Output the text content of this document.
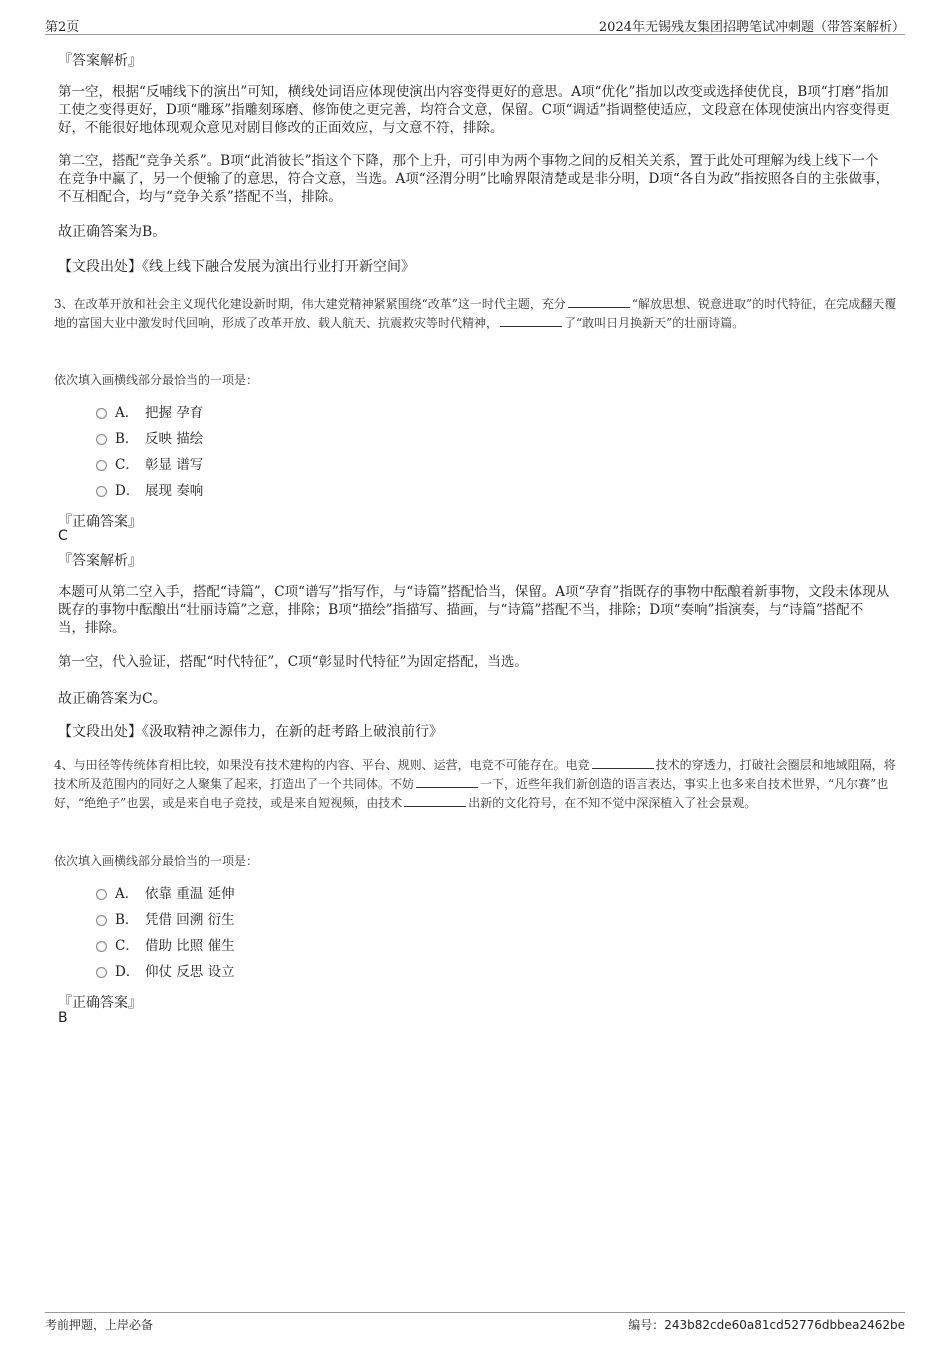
第2页	2024年无锡残友集团招聘笔试冲刺题（带答案解析）
『答案解析』
第一空，根据“反哺线下的演出”可知，横线处词语应体现使演出内容变得更好的意思。A项“优化”指加以改变或选择使优良，B项“打磨”指加工使之变得更好，D项“雕琢”指雕刻琢磨、修饰使之更完善，均符合文意，保留。C项“调适”指调整使适应，文段意在体现使演出内容变得更好，不能很好地体现观众意见对剧目修改的正面效应，与文意不符，排除。
第二空，搭配“竞争关系”。B项“此消彼长”指这个下降，那个上升，可引申为两个事物之间的反相关关系，置于此处可理解为线上线下一个在竞争中赢了，另一个便输了的意思，符合文意，当选。A项“泾渭分明”比喻界限清楚或是非分明，D项“各自为政”指按照各自的主张做事，不互相配合，均与“竞争关系”搭配不当，排除。
故正确答案为B。
【文段出处】《线上线下融合发展为演出行业打开新空间》
3、在改革开放和社会主义现代化建设新时期，伟大建党精神紧紧围绕“改革”这一时代主题，充分	“解放思想、锐意进取”的时代特征，在完成翻天覆地的富国大业中激发时代回响，形成了改革开放、载人航天、抗震救灾等时代精神，	了“敢叫日月换新天”的壮丽诗篇。
依次填入画横线部分最恰当的一项是：
A． 把握 孕育
B． 反映 描绘
C． 彰显 谱写
D． 展现 奏响
『正确答案』
C
『答案解析』
本题可从第二空入手，搭配“诗篇”，C项“谱写”指写作，与“诗篇”搭配恰当，保留。A项“孕育”指既存的事物中酝酿着新事物，文段未体现从既存的事物中酝酿出“壮丽诗篇”之意，排除；B项“描绘”指描写、描画，与“诗篇”搭配不当，排除；D项“奏响”指演奏，与“诗篇”搭配不当，排除。
第一空，代入验证，搭配“时代特征”，C项“彰显时代特征”为固定搭配，当选。
故正确答案为C。
【文段出处】《汲取精神之源伟力，在新的赶考路上破浪前行》
4、与田径等传统体育相比较，如果没有技术建构的内容、平台、规则、运营，电竞不可能存在。电竞	技术的穿透力，打破社会圈层和地域阻隔，将技术所及范围内的同好之人聚集了起来，打造出了一个共同体。不妨	一下，近些年我们新创造的语言表达，事实上也多来自技术世界，“凡尔赛”也好，“绝绝子”也罢，或是来自电子竞技，或是来自短视频，由技术	出新的文化符号，在不知不觉中深深植入了社会景观。
依次填入画横线部分最恰当的一项是：
A． 依靠 重温 延伸
B． 凭借 回溯 衍生
C． 借助 比照 催生
D． 仰仗 反思 设立
『正确答案』
B
考前押题，上岸必备	编号：243b82cde60a81cd52776dbbea2462be
